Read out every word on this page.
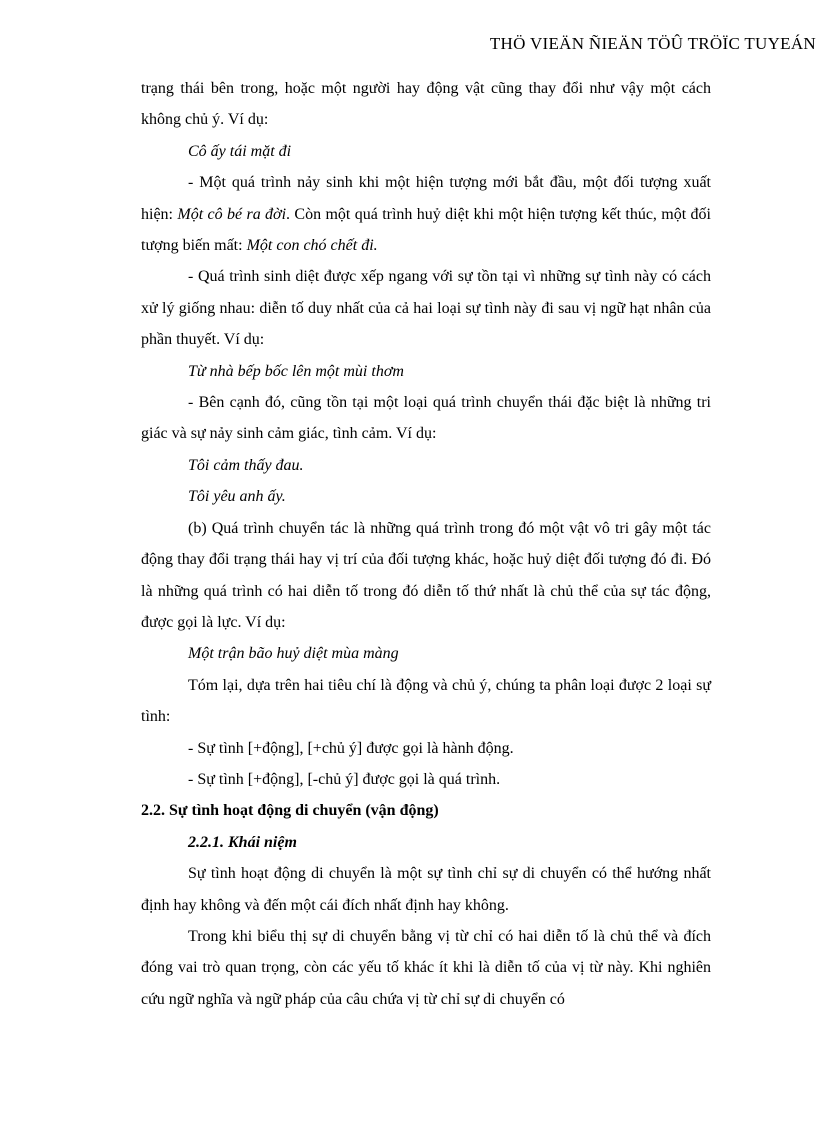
THÖ VIEÄN ÑIEÄN TÖÛ TRÖÏC TUYEÁN

trạng thái bên trong, hoặc một người hay động vật cũng thay đổi như vậy một cách không chủ ý. Ví dụ:

Cô ấy tái mặt đi

- Một quá trình nảy sinh khi một hiện tượng mới bắt đầu, một đối tượng xuất hiện: Một cô bé ra đời. Còn một quá trình huỷ diệt khi một hiện tượng kết thúc, một đối tượng biến mất: Một con chó chết đi.

- Quá trình sinh diệt được xếp ngang với sự tồn tại vì những sự tình này có cách xử lý giống nhau: diễn tố duy nhất của cả hai loại sự tình này đi sau vị ngữ hạt nhân của phần thuyết. Ví dụ:

Từ nhà bếp bốc lên một mùi thơm

- Bên cạnh đó, cũng tồn tại một loại quá trình chuyển thái đặc biệt là những tri giác và sự nảy sinh cảm giác, tình cảm. Ví dụ:

Tôi cảm thấy đau.

Tôi yêu anh ấy.

(b) Quá trình chuyển tác là những quá trình trong đó một vật vô tri gây một tác động thay đổi trạng thái hay vị trí của đối tượng khác, hoặc huỷ diệt đối tượng đó đi. Đó là những quá trình có hai diễn tố trong đó diễn tố thứ nhất là chủ thể của sự tác động, được gọi là lực. Ví dụ:

Một trận bão huỷ diệt mùa màng

Tóm lại, dựa trên hai tiêu chí là động và chủ ý, chúng ta phân loại được 2 loại sự tình:

- Sự tình [+động], [+chủ ý] được gọi là hành động.

- Sự tình [+động], [-chủ ý] được gọi là quá trình.

2.2. Sự tình hoạt động di chuyển (vận động)

2.2.1. Khái niệm

Sự tình hoạt động di chuyển là một sự tình chỉ sự di chuyển có thể hướng nhất định hay không và đến một cái đích nhất định hay không.

Trong khi biểu thị sự di chuyển bằng vị từ chỉ có hai diễn tố là chủ thể và đích đóng vai trò quan trọng, còn các yếu tố khác ít khi là diễn tố của vị từ này. Khi nghiên cứu ngữ nghĩa và ngữ pháp của câu chứa vị từ chỉ sự di chuyển có
